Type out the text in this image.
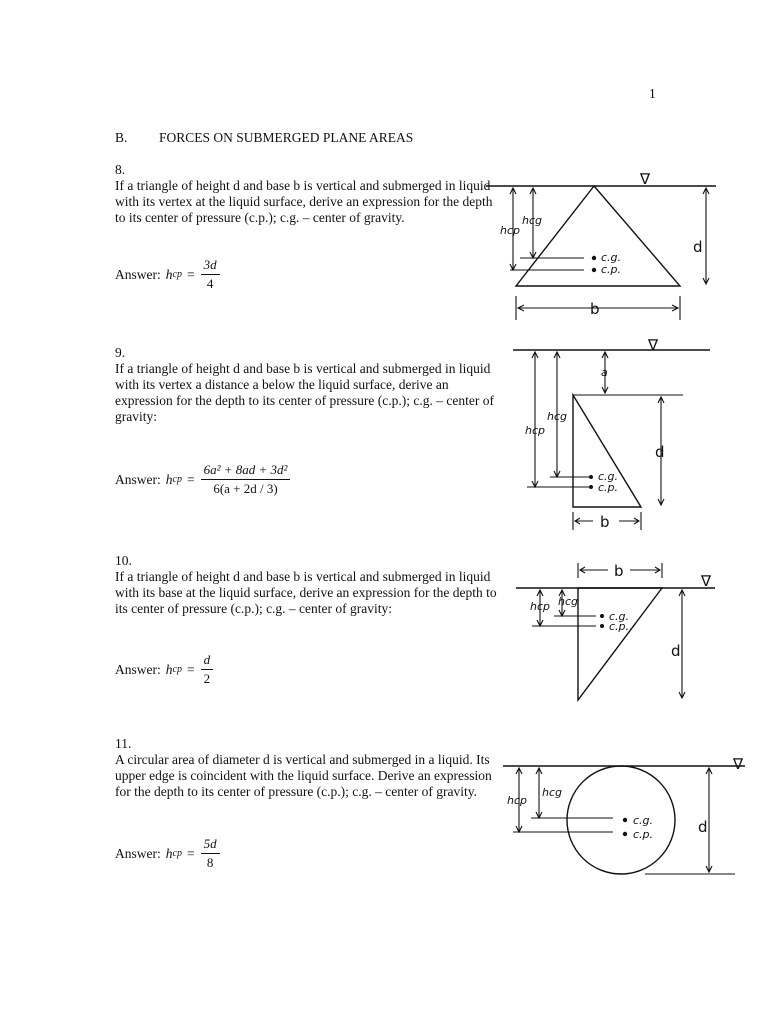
1
B. FORCES ON SUBMERGED PLANE AREAS
8.
If a triangle of height d and base b is vertical and submerged in liquid with its vertex at the liquid surface, derive an expression for the depth to its center of pressure (c.p.); c.g. – center of gravity.
Answer: h cp = $\frac{3d}{4}$
∇
hcg
hcp
c.g.
c.p.
d
b
9.
If a triangle of height d and base b is vertical and submerged in liquid with its vertex a distance a below the liquid surface, derive an expression for the depth to its center of pressure (c.p.); c.g. – center of gravity:
Answer: h cp = $\frac{\text{6a² + 8ad + 3d²}}{6(a + 2d / 3)}$
∇
a
hcg
hcp
c.g.
c.p.
d
b
10.
If a triangle of height d and base b is vertical and submerged in liquid with its base at the liquid surface, derive an expression for the depth to its center of pressure (c.p.); c.g. – center of gravity:
Answer: h cp = $\frac{d}{2}$
b
∇
hcg
hcp
c.g.
c.p.
d
11.
A circular area of diameter d is vertical and submerged in a liquid. Its upper edge is coincident with the liquid surface. Derive an expression for the depth to its center of pressure (c.p.); c.g. – center of gravity.
Answer: h cp = $\frac{5d}{8}$
∇
hcg
hcp
c.g.
c.p.	d
